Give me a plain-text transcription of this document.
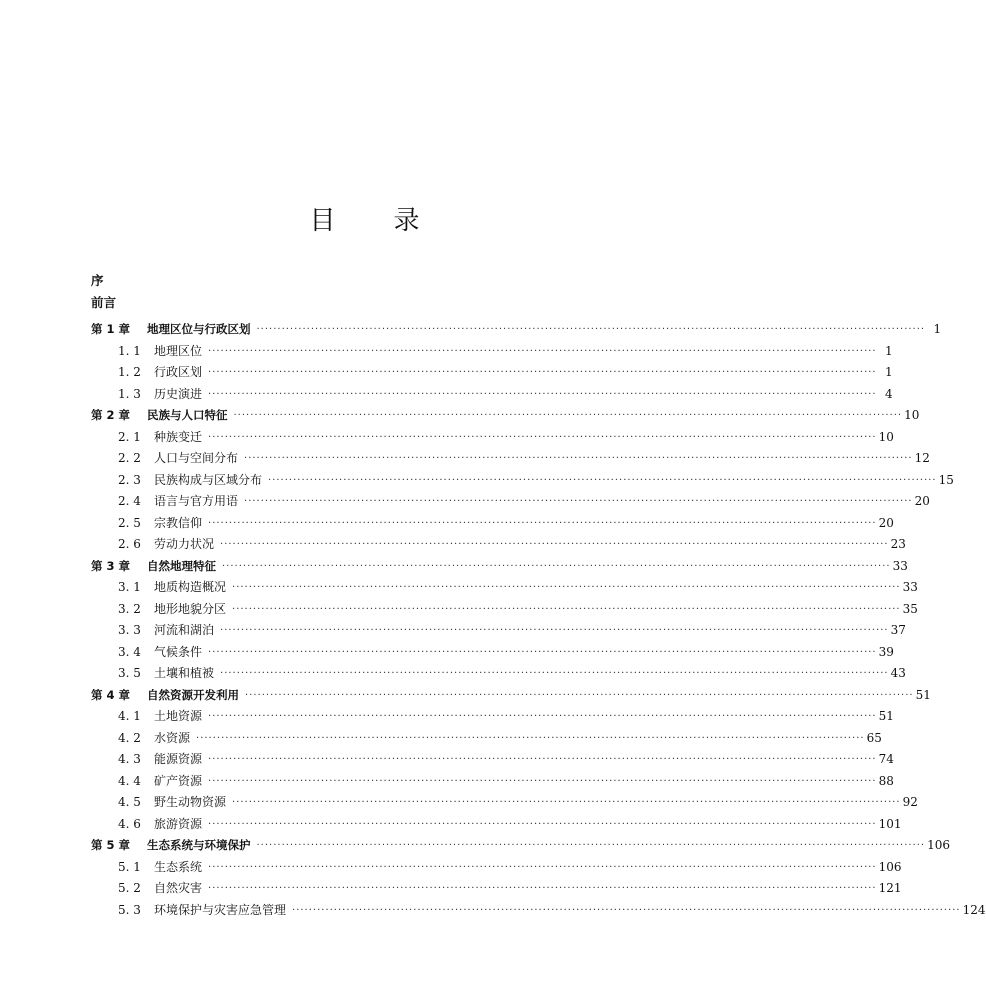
目 录
序
前言
第 1 章	地理区位与行政区划 ································································································································································ 1
1. 1	地理区位 ································································································································································ 1
1. 2	行政区划 ································································································································································ 1
1. 3	历史演进 ································································································································································ 4
第 2 章	民族与人口特征 ································································································································································ 10
2. 1	种族变迁 ································································································································································ 10
2. 2	人口与空间分布 ································································································································································ 12
2. 3	民族构成与区域分布 ································································································································································ 15
2. 4	语言与官方用语 ································································································································································ 20
2. 5	宗教信仰 ································································································································································ 20
2. 6	劳动力状况 ································································································································································ 23
第 3 章	自然地理特征 ································································································································································ 33
3. 1	地质构造概况 ································································································································································ 33
3. 2	地形地貌分区 ································································································································································ 35
3. 3	河流和湖泊 ································································································································································ 37
3. 4	气候条件 ································································································································································ 39
3. 5	土壤和植被 ································································································································································ 43
第 4 章	自然资源开发利用 ································································································································································ 51
4. 1	土地资源 ································································································································································ 51
4. 2	水资源 ································································································································································ 65
4. 3	能源资源 ································································································································································ 74
4. 4	矿产资源 ································································································································································ 88
4. 5	野生动物资源 ································································································································································ 92
4. 6	旅游资源 ································································································································································ 101
第 5 章	生态系统与环境保护 ································································································································································ 106
5. 1	生态系统 ································································································································································ 106
5. 2	自然灾害 ································································································································································ 121
5. 3	环境保护与灾害应急管理 ································································································································································ 124
